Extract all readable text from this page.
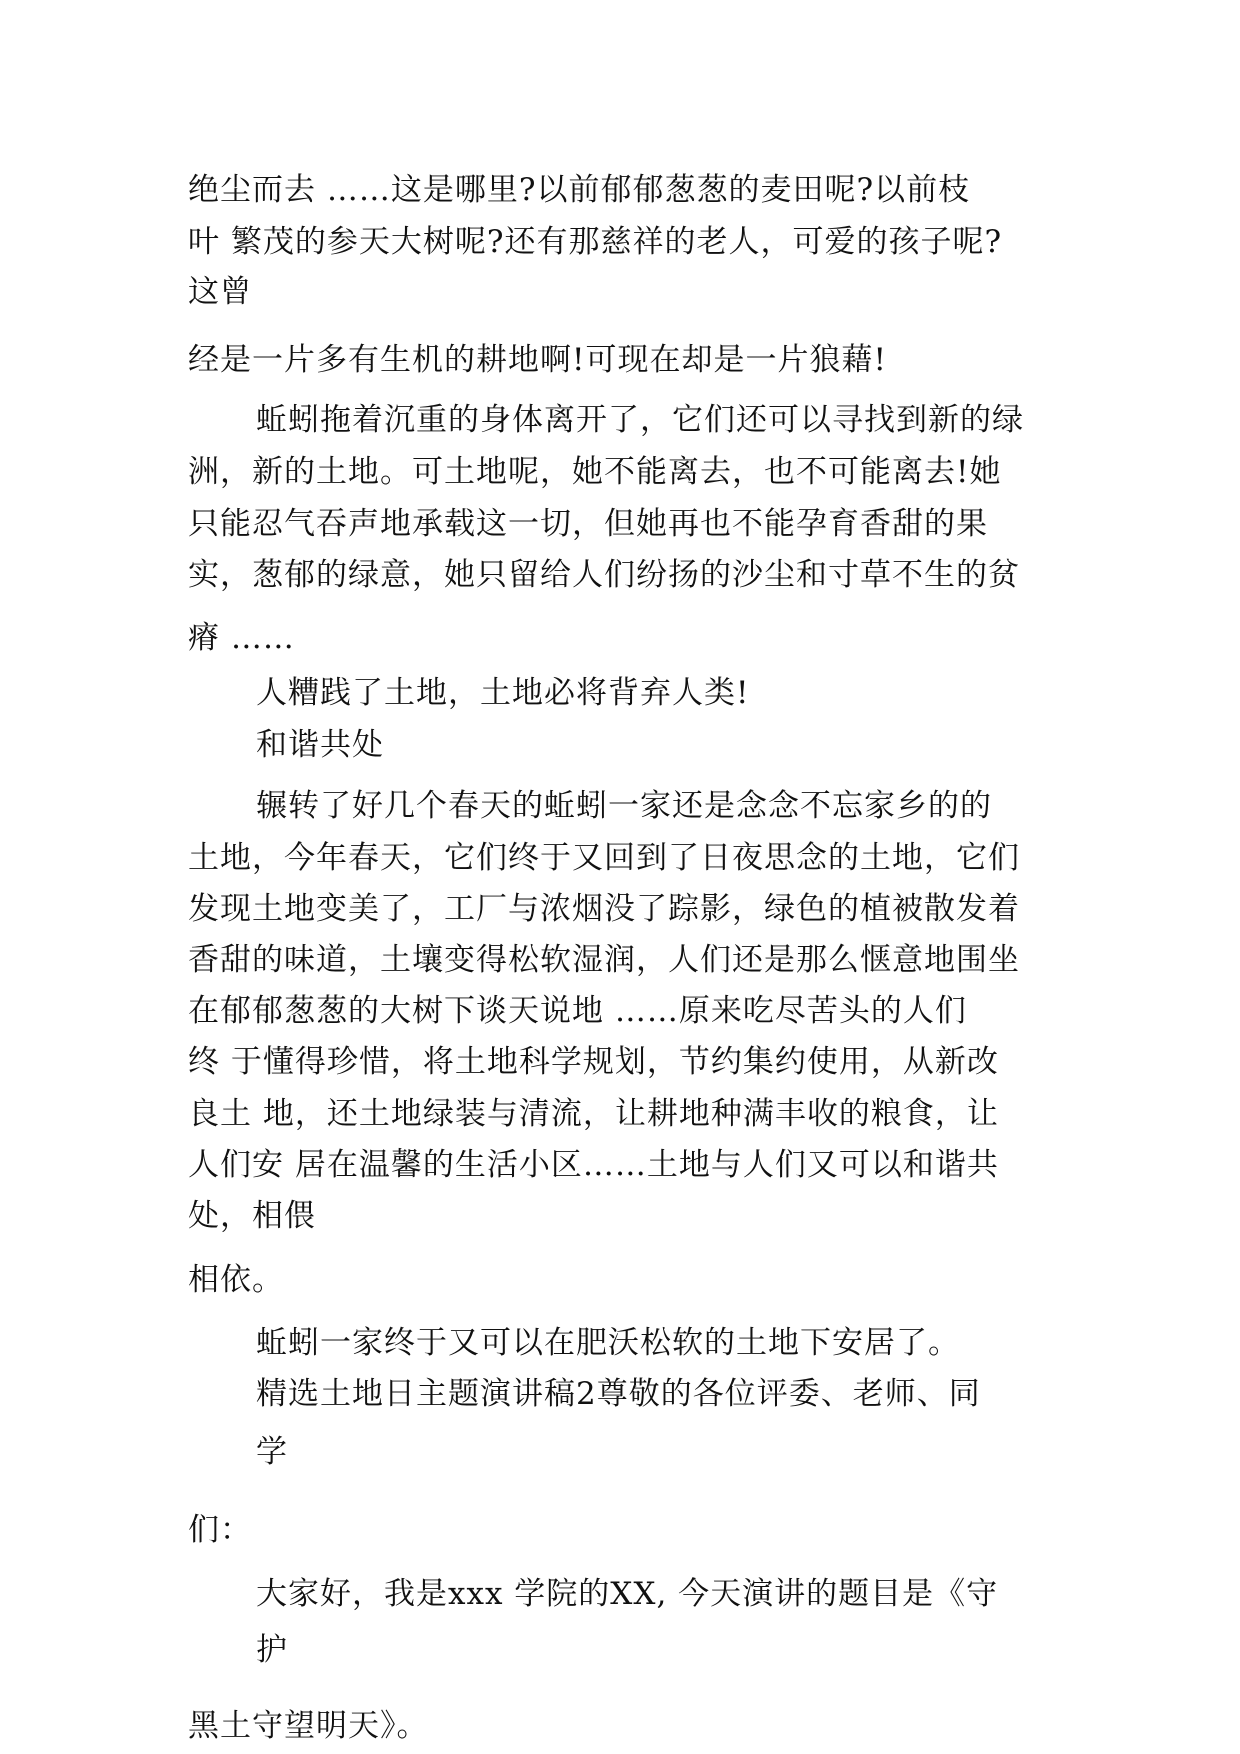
绝尘而去 ……这是哪里?以前郁郁葱葱的麦田呢?以前枝

叶 繁茂的参天大树呢?还有那慈祥的老人，可爱的孩子呢?

这曾

经是一片多有生机的耕地啊!可现在却是一片狼藉!

蚯蚓拖着沉重的身体离开了，它们还可以寻找到新的绿

洲，新的土地。可土地呢，她不能离去，也不可能离去!她

只能忍气吞声地承载这一切，但她再也不能孕育香甜的果

实，葱郁的绿意，她只留给人们纷扬的沙尘和寸草不生的贫

瘠 ……

人糟践了土地，土地必将背弃人类!

和谐共处

辗转了好几个春天的蚯蚓一家还是念念不忘家乡的的

土地，今年春天，它们终于又回到了日夜思念的土地，它们

发现土地变美了，工厂与浓烟没了踪影，绿色的植被散发着

香甜的味道，土壤变得松软湿润，人们还是那么惬意地围坐

在郁郁葱葱的大树下谈天说地 ……原来吃尽苦头的人们

终 于懂得珍惜，将土地科学规划，节约集约使用，从新改

良土 地，还土地绿装与清流，让耕地种满丰收的粮食，让

人们安 居在温馨的生活小区……土地与人们又可以和谐共

处，相偎

相依。

蚯蚓一家终于又可以在肥沃松软的土地下安居了。

精选土地日主题演讲稿2尊敬的各位评委、老师、同

学

们：

大家好，我是xxx 学院的XX, 今天演讲的题目是《守

护

黑土守望明天》。
